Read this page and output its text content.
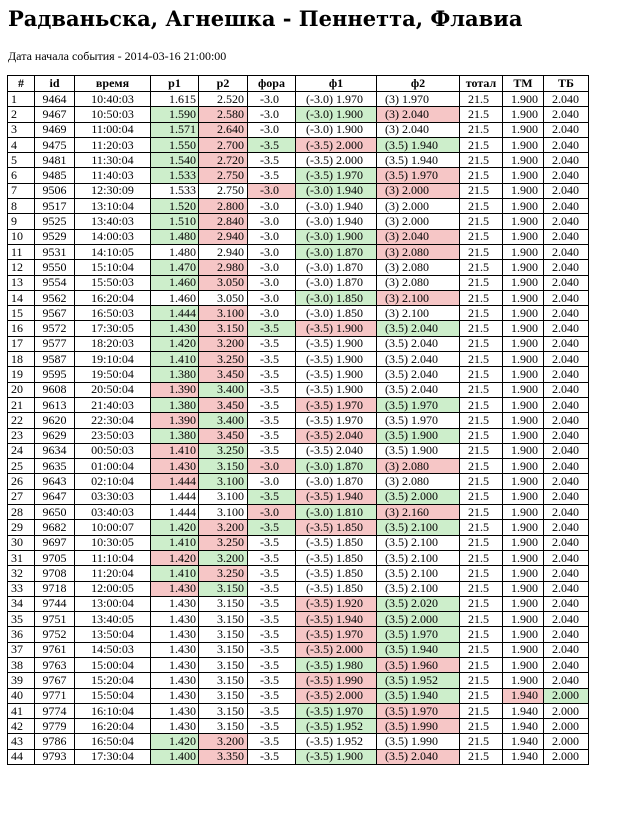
Радваньска, Агнешка - Пеннетта, Флавиа
Дата начала события - 2014-03-16 21:00:00
#	id	время	р1	р2	фора	ф1	ф2	тотал	ТМ	ТБ
1	9464	10:40:03	1.615	2.520	-3.0	(-3.0) 1.970	(3) 1.970	21.5	1.900	2.040
2	9467	10:50:03	1.590	2.580	-3.0	(-3.0) 1.900	(3) 2.040	21.5	1.900	2.040
3	9469	11:00:04	1.571	2.640	-3.0	(-3.0) 1.900	(3) 2.040	21.5	1.900	2.040
4	9475	11:20:03	1.550	2.700	-3.5	(-3.5) 2.000	(3.5) 1.940	21.5	1.900	2.040
5	9481	11:30:04	1.540	2.720	-3.5	(-3.5) 2.000	(3.5) 1.940	21.5	1.900	2.040
6	9485	11:40:03	1.533	2.750	-3.5	(-3.5) 1.970	(3.5) 1.970	21.5	1.900	2.040
7	9506	12:30:09	1.533	2.750	-3.0	(-3.0) 1.940	(3) 2.000	21.5	1.900	2.040
8	9517	13:10:04	1.520	2.800	-3.0	(-3.0) 1.940	(3) 2.000	21.5	1.900	2.040
9	9525	13:40:03	1.510	2.840	-3.0	(-3.0) 1.940	(3) 2.000	21.5	1.900	2.040
10	9529	14:00:03	1.480	2.940	-3.0	(-3.0) 1.900	(3) 2.040	21.5	1.900	2.040
11	9531	14:10:05	1.480	2.940	-3.0	(-3.0) 1.870	(3) 2.080	21.5	1.900	2.040
12	9550	15:10:04	1.470	2.980	-3.0	(-3.0) 1.870	(3) 2.080	21.5	1.900	2.040
13	9554	15:50:03	1.460	3.050	-3.0	(-3.0) 1.870	(3) 2.080	21.5	1.900	2.040
14	9562	16:20:04	1.460	3.050	-3.0	(-3.0) 1.850	(3) 2.100	21.5	1.900	2.040
15	9567	16:50:03	1.444	3.100	-3.0	(-3.0) 1.850	(3) 2.100	21.5	1.900	2.040
16	9572	17:30:05	1.430	3.150	-3.5	(-3.5) 1.900	(3.5) 2.040	21.5	1.900	2.040
17	9577	18:20:03	1.420	3.200	-3.5	(-3.5) 1.900	(3.5) 2.040	21.5	1.900	2.040
18	9587	19:10:04	1.410	3.250	-3.5	(-3.5) 1.900	(3.5) 2.040	21.5	1.900	2.040
19	9595	19:50:04	1.380	3.450	-3.5	(-3.5) 1.900	(3.5) 2.040	21.5	1.900	2.040
20	9608	20:50:04	1.390	3.400	-3.5	(-3.5) 1.900	(3.5) 2.040	21.5	1.900	2.040
21	9613	21:40:03	1.380	3.450	-3.5	(-3.5) 1.970	(3.5) 1.970	21.5	1.900	2.040
22	9620	22:30:04	1.390	3.400	-3.5	(-3.5) 1.970	(3.5) 1.970	21.5	1.900	2.040
23	9629	23:50:03	1.380	3.450	-3.5	(-3.5) 2.040	(3.5) 1.900	21.5	1.900	2.040
24	9634	00:50:03	1.410	3.250	-3.5	(-3.5) 2.040	(3.5) 1.900	21.5	1.900	2.040
25	9635	01:00:04	1.430	3.150	-3.0	(-3.0) 1.870	(3) 2.080	21.5	1.900	2.040
26	9643	02:10:04	1.444	3.100	-3.0	(-3.0) 1.870	(3) 2.080	21.5	1.900	2.040
27	9647	03:30:03	1.444	3.100	-3.5	(-3.5) 1.940	(3.5) 2.000	21.5	1.900	2.040
28	9650	03:40:03	1.444	3.100	-3.0	(-3.0) 1.810	(3) 2.160	21.5	1.900	2.040
29	9682	10:00:07	1.420	3.200	-3.5	(-3.5) 1.850	(3.5) 2.100	21.5	1.900	2.040
30	9697	10:30:05	1.410	3.250	-3.5	(-3.5) 1.850	(3.5) 2.100	21.5	1.900	2.040
31	9705	11:10:04	1.420	3.200	-3.5	(-3.5) 1.850	(3.5) 2.100	21.5	1.900	2.040
32	9708	11:20:04	1.410	3.250	-3.5	(-3.5) 1.850	(3.5) 2.100	21.5	1.900	2.040
33	9718	12:00:05	1.430	3.150	-3.5	(-3.5) 1.850	(3.5) 2.100	21.5	1.900	2.040
34	9744	13:00:04	1.430	3.150	-3.5	(-3.5) 1.920	(3.5) 2.020	21.5	1.900	2.040
35	9751	13:40:05	1.430	3.150	-3.5	(-3.5) 1.940	(3.5) 2.000	21.5	1.900	2.040
36	9752	13:50:04	1.430	3.150	-3.5	(-3.5) 1.970	(3.5) 1.970	21.5	1.900	2.040
37	9761	14:50:03	1.430	3.150	-3.5	(-3.5) 2.000	(3.5) 1.940	21.5	1.900	2.040
38	9763	15:00:04	1.430	3.150	-3.5	(-3.5) 1.980	(3.5) 1.960	21.5	1.900	2.040
39	9767	15:20:04	1.430	3.150	-3.5	(-3.5) 1.990	(3.5) 1.952	21.5	1.900	2.040
40	9771	15:50:04	1.430	3.150	-3.5	(-3.5) 2.000	(3.5) 1.940	21.5	1.940	2.000
41	9774	16:10:04	1.430	3.150	-3.5	(-3.5) 1.970	(3.5) 1.970	21.5	1.940	2.000
42	9779	16:20:04	1.430	3.150	-3.5	(-3.5) 1.952	(3.5) 1.990	21.5	1.940	2.000
43	9786	16:50:04	1.420	3.200	-3.5	(-3.5) 1.952	(3.5) 1.990	21.5	1.940	2.000
44	9793	17:30:04	1.400	3.350	-3.5	(-3.5) 1.900	(3.5) 2.040	21.5	1.940	2.000
